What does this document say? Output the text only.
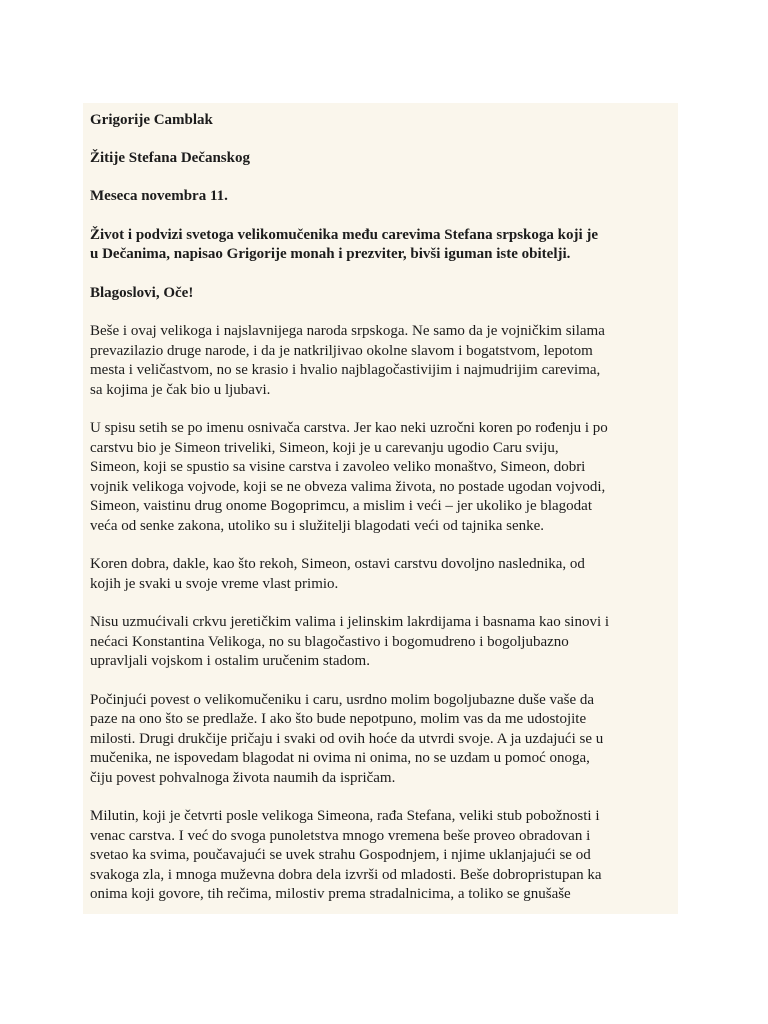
Grigorije Camblak

Žitije Stefana Dečanskog

Meseca novembra 11.

Život i podvizi svetoga velikomučenika među carevima Stefana srpskoga koji je
u Dečanima, napisao Grigorije monah i prezviter, bivši iguman iste obitelji.

Blagoslovi, Oče!

Beše i ovaj velikoga i najslavnijega naroda srpskoga. Ne samo da je vojničkim silama
prevazilazio druge narode, i da je natkriljivao okolne slavom i bogatstvom, lepotom
mesta i veličastvom, no se krasio i hvalio najblagočastivijim i najmudrijim carevima,
sa kojima je čak bio u ljubavi.

U spisu setih se po imenu osnivača carstva. Jer kao neki uzročni koren po rođenju i po
carstvu bio je Simeon triveliki, Simeon, koji je u carevanju ugodio Caru sviju,
Simeon, koji se spustio sa visine carstva i zavoleo veliko monaštvo, Simeon, dobri
vojnik velikoga vojvode, koji se ne obveza valima života, no postade ugodan vojvodi,
Simeon, vaistinu drug onome Bogoprimcu, a mislim i veći – jer ukoliko je blagodat
veća od senke zakona, utoliko su i služitelji blagodati veći od tajnika senke.

Koren dobra, dakle, kao što rekoh, Simeon, ostavi carstvu dovoljno naslednika, od
kojih je svaki u svoje vreme vlast primio.

Nisu uzmućivali crkvu jeretičkim valima i jelinskim lakrdijama i basnama kao sinovi i
nećaci Konstantina Velikoga, no su blagočastivo i bogomudreno i bogoljubazno
upravljali vojskom i ostalim uručenim stadom.

Počinjući povest o velikomučeniku i caru, usrdno molim bogoljubazne duše vaše da
paze na ono što se predlaže. I ako što bude nepotpuno, molim vas da me udostojite
milosti. Drugi drukčije pričaju i svaki od ovih hoće da utvrdi svoje. A ja uzdajući se u
mučenika, ne ispovedam blagodat ni ovima ni onima, no se uzdam u pomoć onoga,
čiju povest pohvalnoga života naumih da ispričam.

Milutin, koji je četvrti posle velikoga Simeona, rađa Stefana, veliki stub pobožnosti i
venac carstva. I već do svoga punoletstva mnogo vremena beše proveo obradovan i
svetao ka svima, poučavajući se uvek strahu Gospodnjem, i njime uklanjajući se od
svakoga zla, i mnoga muževna dobra dela izvrši od mladosti. Beše dobropristupan ka
onima koji govore, tih rečima, milostiv prema stradalnicima, a toliko se gnušaše
